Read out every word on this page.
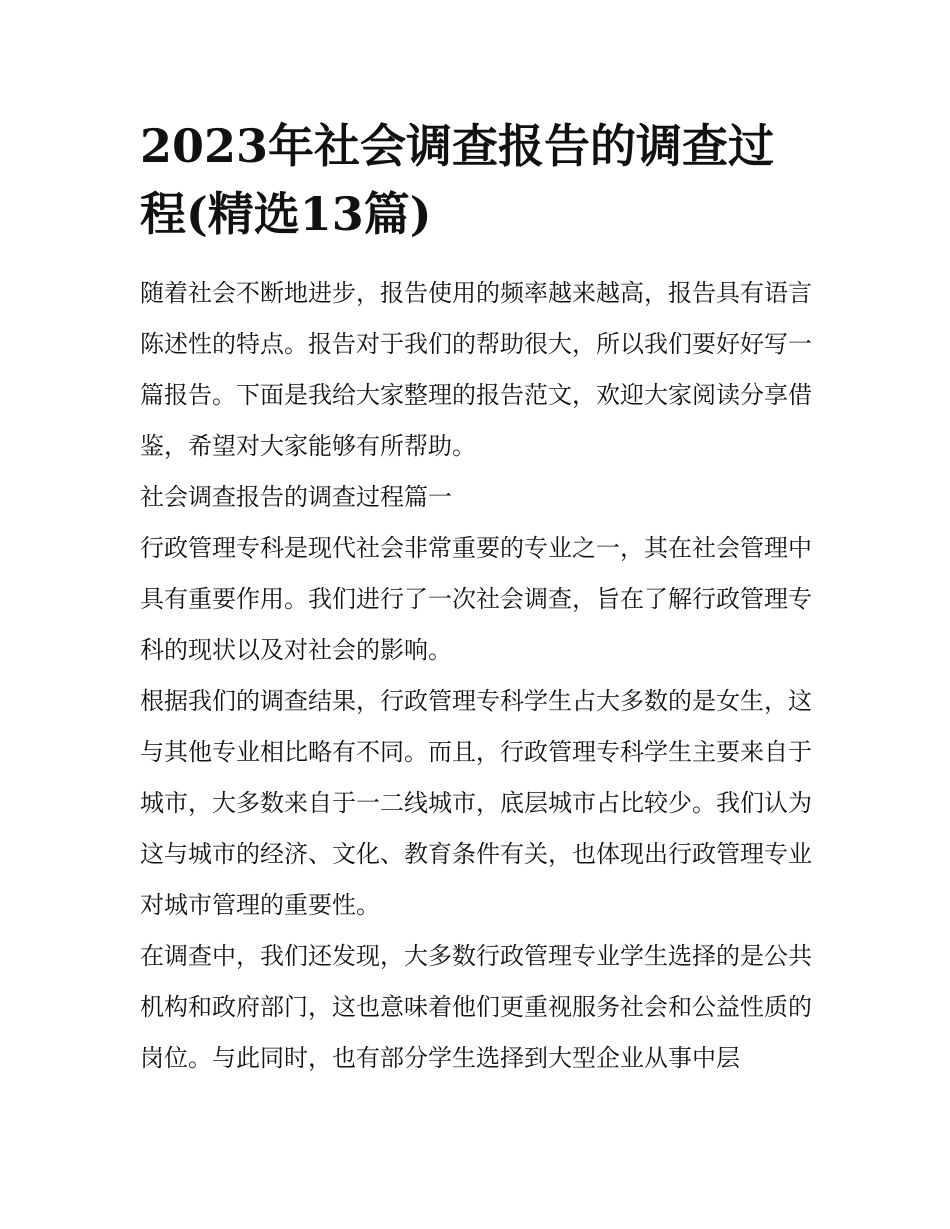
2023年社会调查报告的调查过程(精选13篇)

随着社会不断地进步，报告使用的频率越来越高，报告具有语言陈述性的特点。报告对于我们的帮助很大，所以我们要好好写一篇报告。下面是我给大家整理的报告范文，欢迎大家阅读分享借鉴，希望对大家能够有所帮助。

社会调查报告的调查过程篇一

行政管理专科是现代社会非常重要的专业之一，其在社会管理中具有重要作用。我们进行了一次社会调查，旨在了解行政管理专科的现状以及对社会的影响。

根据我们的调查结果，行政管理专科学生占大多数的是女生，这与其他专业相比略有不同。而且，行政管理专科学生主要来自于城市，大多数来自于一二线城市，底层城市占比较少。我们认为这与城市的经济、文化、教育条件有关，也体现出行政管理专业对城市管理的重要性。

在调查中，我们还发现，大多数行政管理专业学生选择的是公共机构和政府部门，这也意味着他们更重视服务社会和公益性质的岗位。与此同时，也有部分学生选择到大型企业从事中层
